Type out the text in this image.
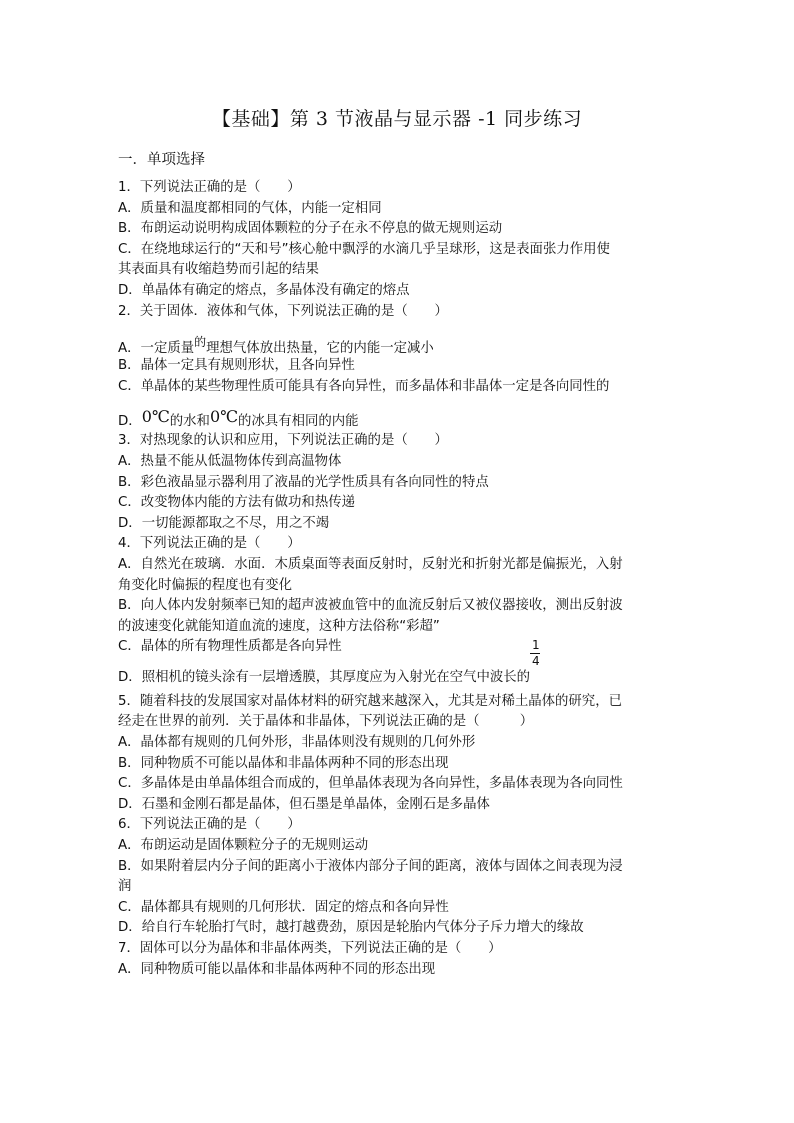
【基础】第 3 节液晶与显示器 -1 同步练习
一．单项选择
1．下列说法正确的是（　　）
A．质量和温度都相同的气体，内能一定相同
B．布朗运动说明构成固体颗粒的分子在永不停息的做无规则运动
C．在绕地球运行的“天和号”核心舱中飘浮的水滴几乎呈球形，这是表面张力作用使
其表面具有收缩趋势而引起的结果
D．单晶体有确定的熔点，多晶体没有确定的熔点
2．关于固体．液体和气体，下列说法正确的是（　　）
A．一定质量的理想气体放出热量，它的内能一定减小
B．晶体一定具有规则形状，且各向异性
C．单晶体的某些物理性质可能具有各向异性，而多晶体和非晶体一定是各向同性的
D．0℃的水和0℃的冰具有相同的内能
3．对热现象的认识和应用，下列说法正确的是（　　）
A．热量不能从低温物体传到高温物体
B．彩色液晶显示器利用了液晶的光学性质具有各向同性的特点
C．改变物体内能的方法有做功和热传递
D．一切能源都取之不尽，用之不竭
4．下列说法正确的是（　　）
A．自然光在玻璃．水面．木质桌面等表面反射时，反射光和折射光都是偏振光，入射
角变化时偏振的程度也有变化
B．向人体内发射频率已知的超声波被血管中的血流反射后又被仪器接收，测出反射波
的波速变化就能知道血流的速度，这种方法俗称“彩超”
C．晶体的所有物理性质都是各向异性
D．照相机的镜头涂有一层增透膜，其厚度应为入射光在空气中波长的 $\frac{1}{4}$
5．随着科技的发展国家对晶体材料的研究越来越深入，尤其是对稀土晶体的研究，已
经走在世界的前列．关于晶体和非晶体，下列说法正确的是（　　　）
A．晶体都有规则的几何外形，非晶体则没有规则的几何外形
B．同种物质不可能以晶体和非晶体两种不同的形态出现
C．多晶体是由单晶体组合而成的，但单晶体表现为各向异性，多晶体表现为各向同性
D．石墨和金刚石都是晶体，但石墨是单晶体，金刚石是多晶体
6．下列说法正确的是（　　）
A．布朗运动是固体颗粒分子的无规则运动
B．如果附着层内分子间的距离小于液体内部分子间的距离，液体与固体之间表现为浸
润
C．晶体都具有规则的几何形状．固定的熔点和各向异性
D．给自行车轮胎打气时，越打越费劲，原因是轮胎内气体分子斥力增大的缘故
7．固体可以分为晶体和非晶体两类，下列说法正确的是（　　）
A．同种物质可能以晶体和非晶体两种不同的形态出现
